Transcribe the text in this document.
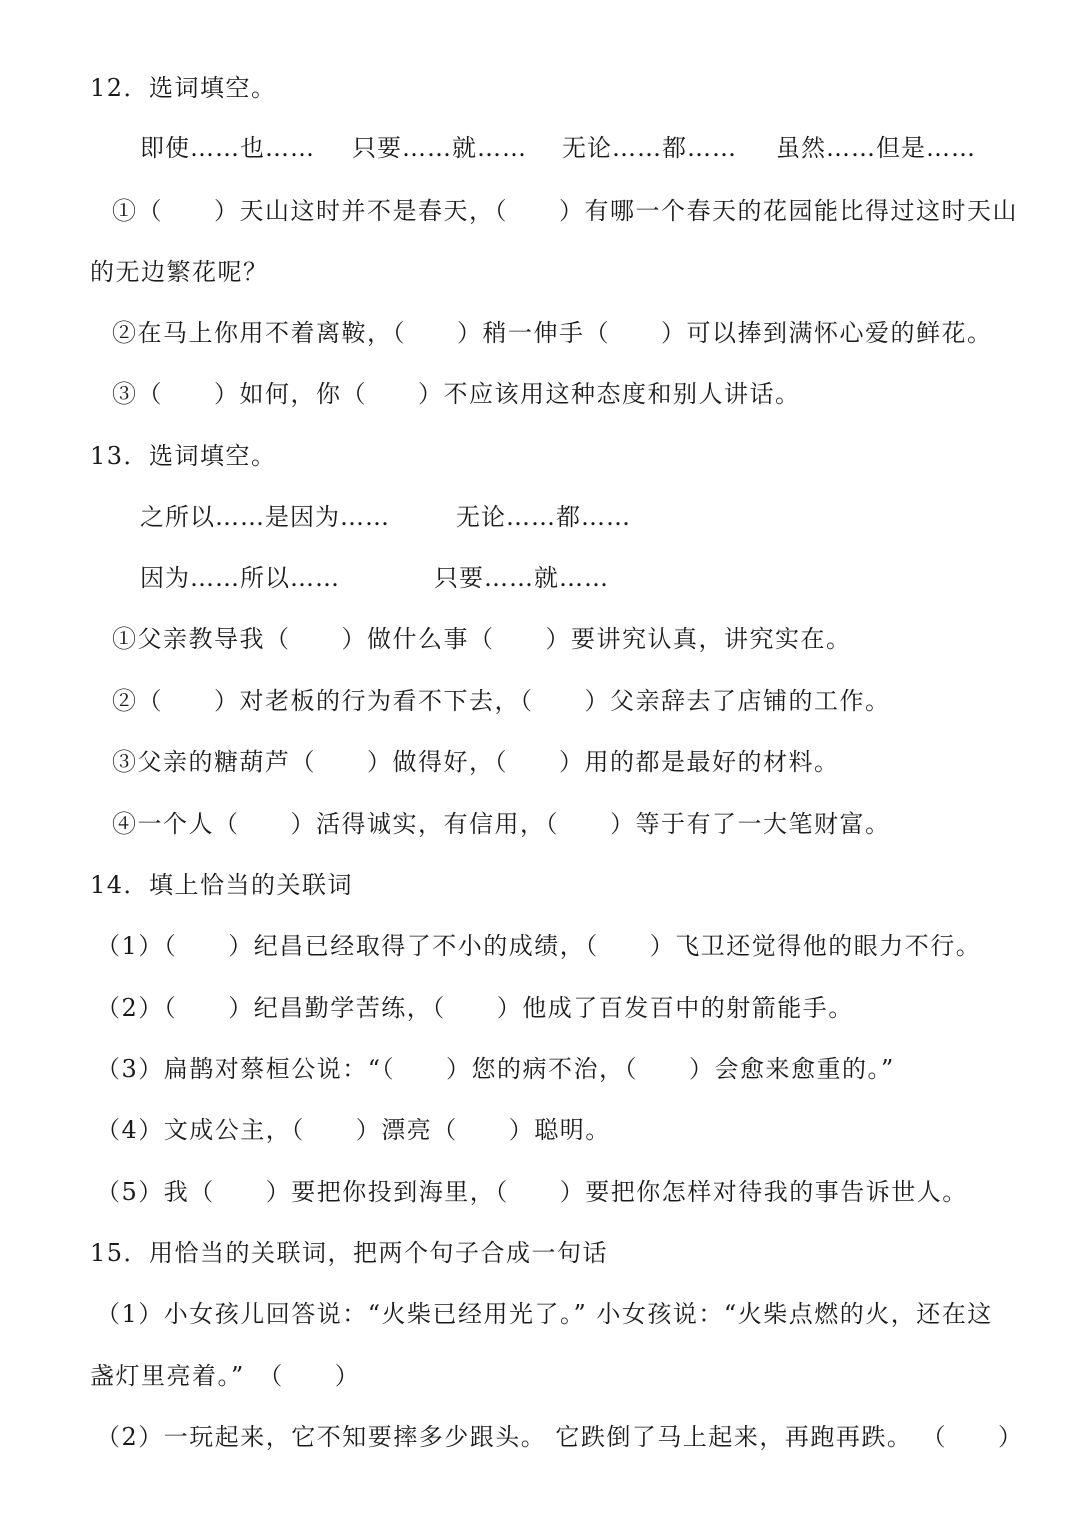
12．选词填空。
即使……也…… 只要……就…… 无论……都…… 虽然……但是……
①（　　）天山这时并不是春天，（　　）有哪一个春天的花园能比得过这时天山
的无边繁花呢？
②在马上你用不着离鞍，（　　）稍一伸手（　　）可以捧到满怀心爱的鲜花。
③（　　）如何，你（　　）不应该用这种态度和别人讲话。
13．选词填空。
之所以……是因为……	无论……都……
因为……所以……	只要……就……
①父亲教导我（　　）做什么事（　　）要讲究认真，讲究实在。
②（　　）对老板的行为看不下去，（　　）父亲辞去了店铺的工作。
③父亲的糖葫芦（　　）做得好，（　　）用的都是最好的材料。
④一个人（　　）活得诚实，有信用，（　　）等于有了一大笔财富。
14．填上恰当的关联词
（1）（　　）纪昌已经取得了不小的成绩，（　　）飞卫还觉得他的眼力不行。
（2）（　　）纪昌勤学苦练，（　　）他成了百发百中的射箭能手。
（3）扁鹊对蔡桓公说：“（　　）您的病不治，（　　）会愈来愈重的。”
（4）文成公主，（　　）漂亮（　　）聪明。
（5）我（　　）要把你投到海里，（　　）要把你怎样对待我的事告诉世人。
15．用恰当的关联词，把两个句子合成一句话
（1）小女孩儿回答说：“火柴已经用光了。” 小女孩说：“火柴点燃的火，还在这
盏灯里亮着。”　（　　）
（2）一玩起来，它不知要摔多少跟头。 它跌倒了马上起来，再跑再跌。 （　　）
